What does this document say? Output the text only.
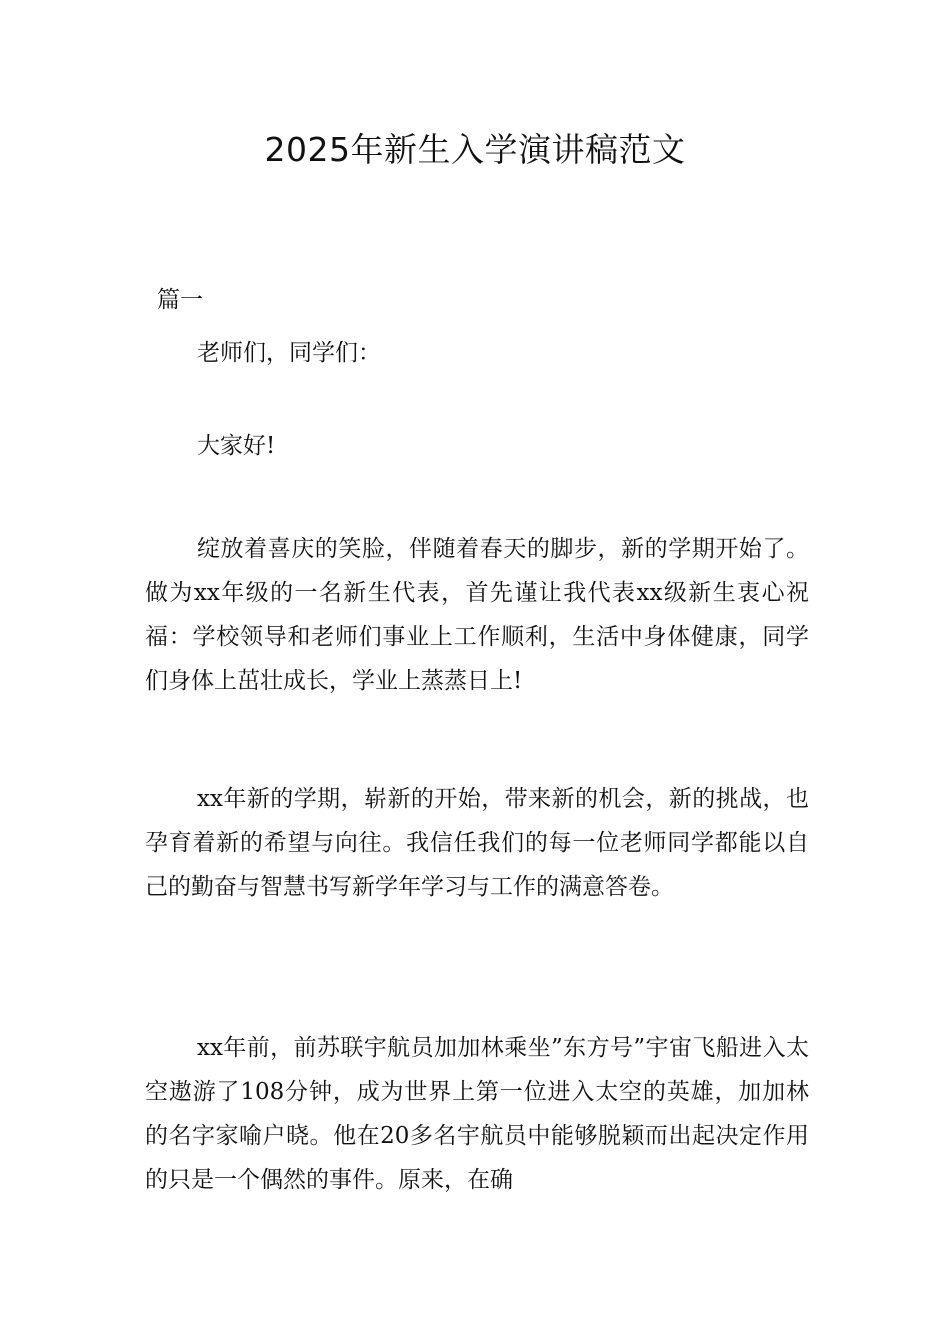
2025年新生入学演讲稿范文
篇一

老师们，同学们：

大家好!

绽放着喜庆的笑脸，伴随着春天的脚步，新的学期开始了。做为xx年级的一名新生代表，首先谨让我代表xx级新生衷心祝福：学校领导和老师们事业上工作顺利，生活中身体健康，同学们身体上茁壮成长，学业上蒸蒸日上!

xx年新的学期，崭新的开始，带来新的机会，新的挑战，也孕育着新的希望与向往。我信任我们的每一位老师同学都能以自己的勤奋与智慧书写新学年学习与工作的满意答卷。

xx年前，前苏联宇航员加加林乘坐”东方号”宇宙飞船进入太空遨游了108分钟，成为世界上第一位进入太空的英雄，加加林的名字家喻户晓。他在20多名宇航员中能够脱颖而出起决定作用的只是一个偶然的事件。原来，在确
